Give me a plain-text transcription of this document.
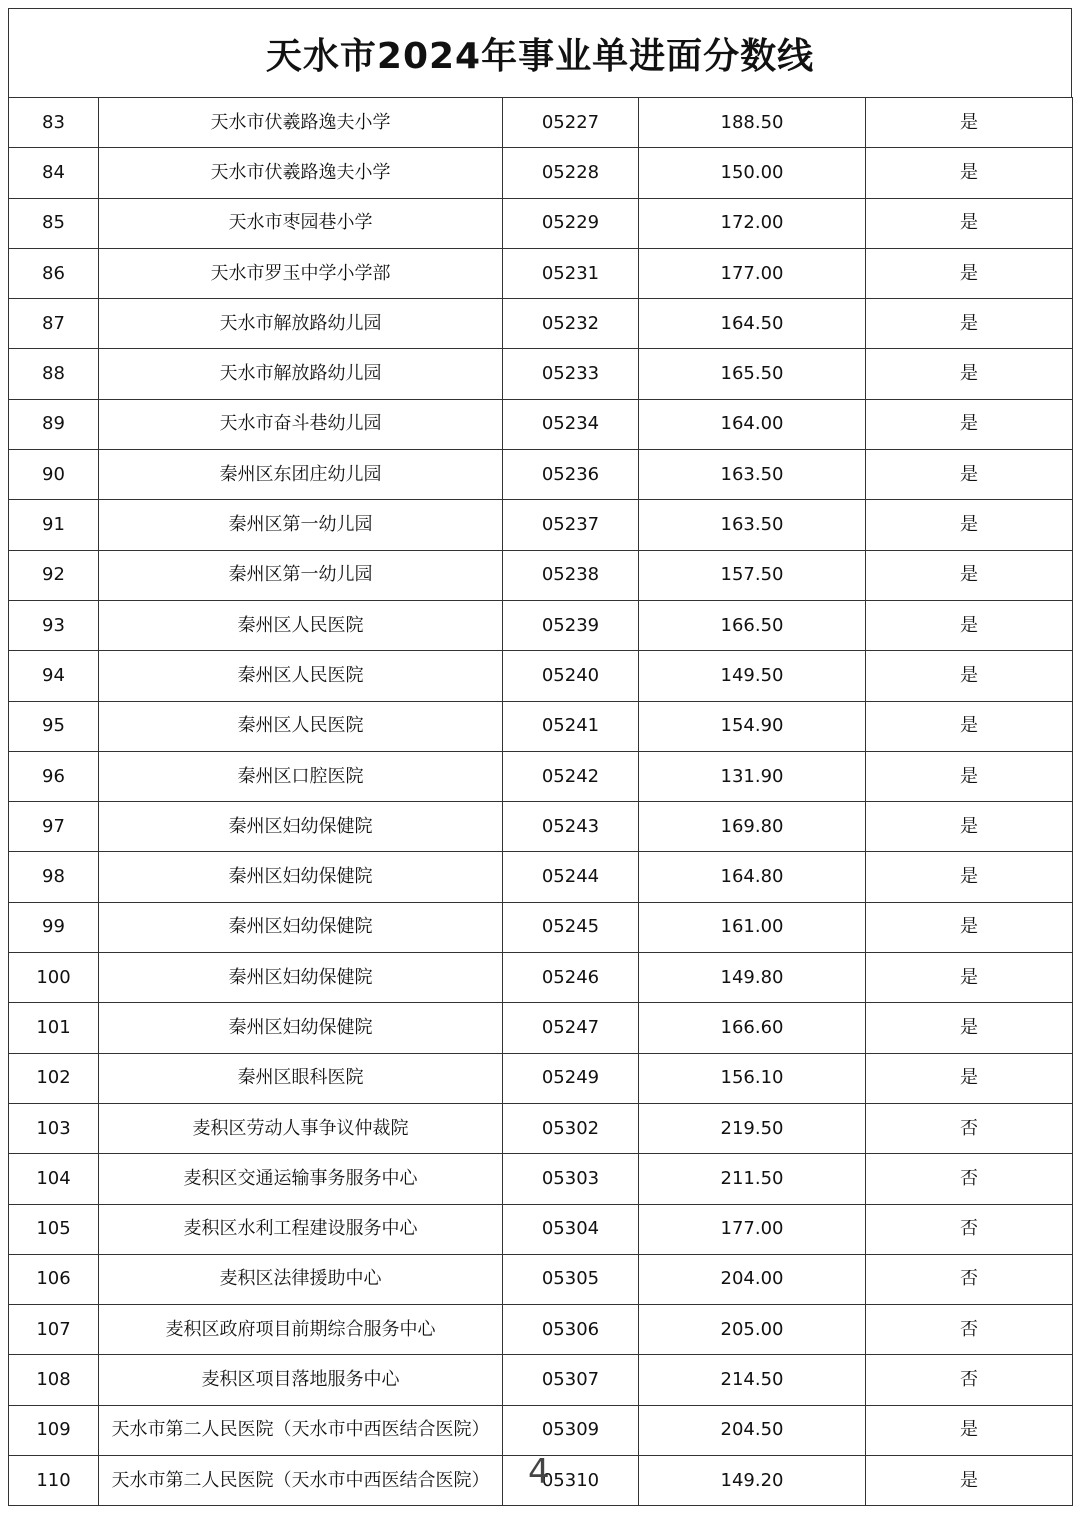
天水市2024年事业单进面分数线
83	天水市伏羲路逸夫小学	05227	188.50	是
84	天水市伏羲路逸夫小学	05228	150.00	是
85	天水市枣园巷小学	05229	172.00	是
86	天水市罗玉中学小学部	05231	177.00	是
87	天水市解放路幼儿园	05232	164.50	是
88	天水市解放路幼儿园	05233	165.50	是
89	天水市奋斗巷幼儿园	05234	164.00	是
90	秦州区东团庄幼儿园	05236	163.50	是
91	秦州区第一幼儿园	05237	163.50	是
92	秦州区第一幼儿园	05238	157.50	是
93	秦州区人民医院	05239	166.50	是
94	秦州区人民医院	05240	149.50	是
95	秦州区人民医院	05241	154.90	是
96	秦州区口腔医院	05242	131.90	是
97	秦州区妇幼保健院	05243	169.80	是
98	秦州区妇幼保健院	05244	164.80	是
99	秦州区妇幼保健院	05245	161.00	是
100	秦州区妇幼保健院	05246	149.80	是
101	秦州区妇幼保健院	05247	166.60	是
102	秦州区眼科医院	05249	156.10	是
103	麦积区劳动人事争议仲裁院	05302	219.50	否
104	麦积区交通运输事务服务中心	05303	211.50	否
105	麦积区水利工程建设服务中心	05304	177.00	否
106	麦积区法律援助中心	05305	204.00	否
107	麦积区政府项目前期综合服务中心	05306	205.00	否
108	麦积区项目落地服务中心	05307	214.50	否
109	天水市第二人民医院（天水市中西医结合医院）	05309	204.50	是
110	天水市第二人民医院（天水市中西医结合医院）	05310	149.20	是
4
